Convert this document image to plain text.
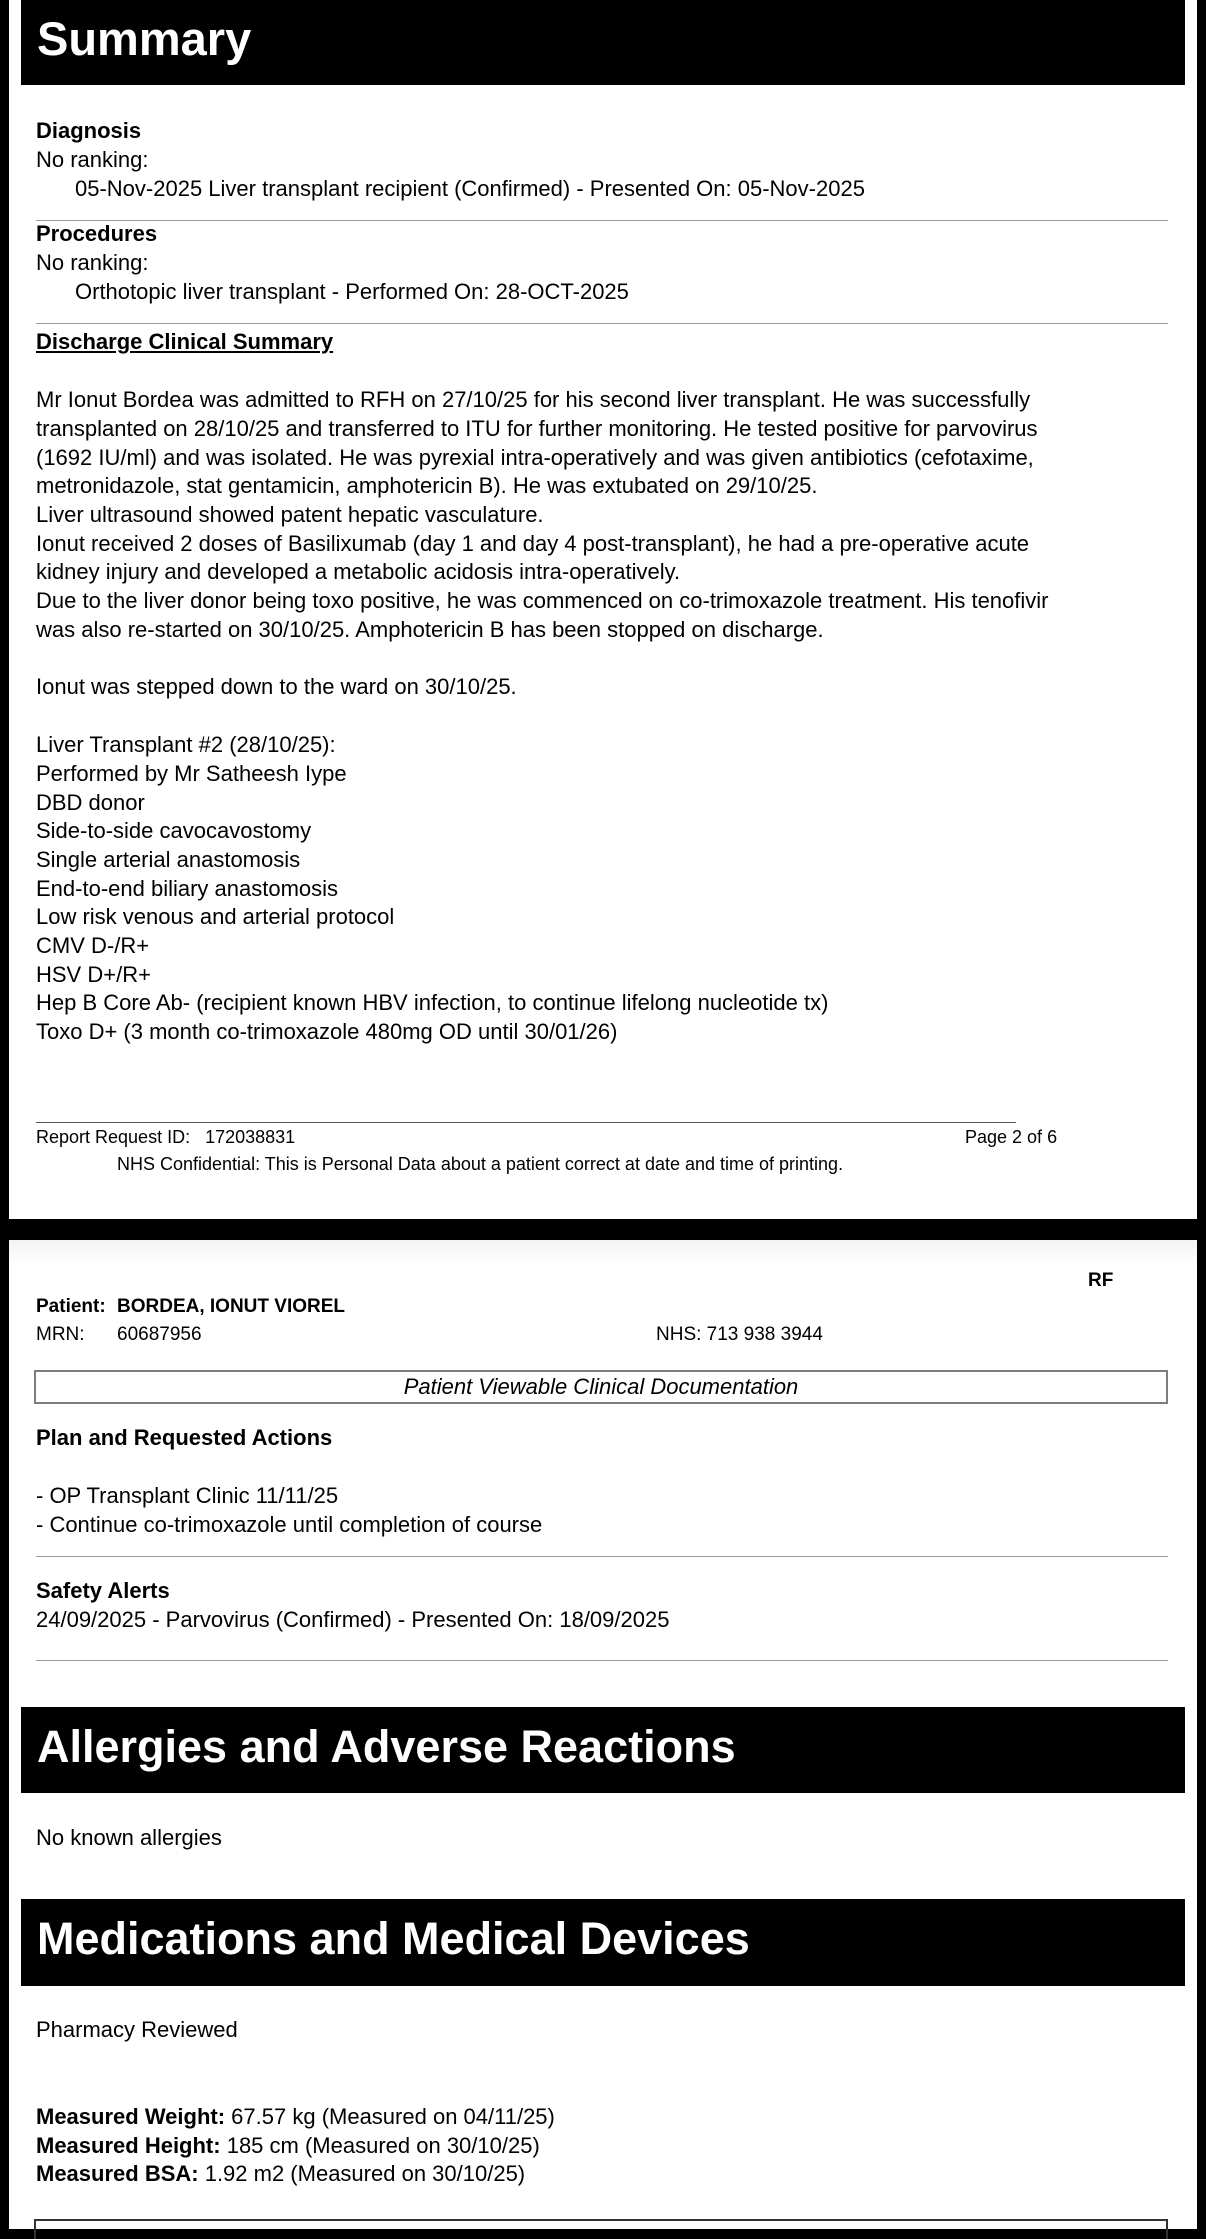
Summary
Diagnosis
No ranking:
05-Nov-2025 Liver transplant recipient (Confirmed) - Presented On: 05-Nov-2025
Procedures
No ranking:
Orthotopic liver transplant - Performed On: 28-OCT-2025
Discharge Clinical Summary
Mr Ionut Bordea was admitted to RFH on 27/10/25 for his second liver transplant. He was successfully
transplanted on 28/10/25 and transferred to ITU for further monitoring. He tested positive for parvovirus
(1692 IU/ml) and was isolated. He was pyrexial intra-operatively and was given antibiotics (cefotaxime,
metronidazole, stat gentamicin, amphotericin B). He was extubated on 29/10/25.
Liver ultrasound showed patent hepatic vasculature.
Ionut received 2 doses of Basilixumab (day 1 and day 4 post-transplant), he had a pre-operative acute
kidney injury and developed a metabolic acidosis intra-operatively.
Due to the liver donor being toxo positive, he was commenced on co-trimoxazole treatment. His tenofivir
was also re-started on 30/10/25. Amphotericin B has been stopped on discharge.
Ionut was stepped down to the ward on 30/10/25.
Liver Transplant #2 (28/10/25):
Performed by Mr Satheesh Iype
DBD donor
Side-to-side cavocavostomy
Single arterial anastomosis
End-to-end biliary anastomosis
Low risk venous and arterial protocol
CMV D-/R+
HSV D+/R+
Hep B Core Ab- (recipient known HBV infection, to continue lifelong nucleotide tx)
Toxo D+ (3 month co-trimoxazole 480mg OD until 30/01/26)
Report Request ID: 172038831	Page 2 of 6
NHS Confidential: This is Personal Data about a patient correct at date and time of printing.
RF
Patient: BORDEA, IONUT VIOREL
MRN: 60687956	NHS: 713 938 3944
Patient Viewable Clinical Documentation
Plan and Requested Actions
- OP Transplant Clinic 11/11/25
- Continue co-trimoxazole until completion of course
Safety Alerts
24/09/2025 - Parvovirus (Confirmed) - Presented On: 18/09/2025
Allergies and Adverse Reactions
No known allergies
Medications and Medical Devices
Pharmacy Reviewed
Measured Weight: 67.57 kg (Measured on 04/11/25)
Measured Height: 185 cm (Measured on 30/10/25)
Measured BSA: 1.92 m2 (Measured on 30/10/25)
